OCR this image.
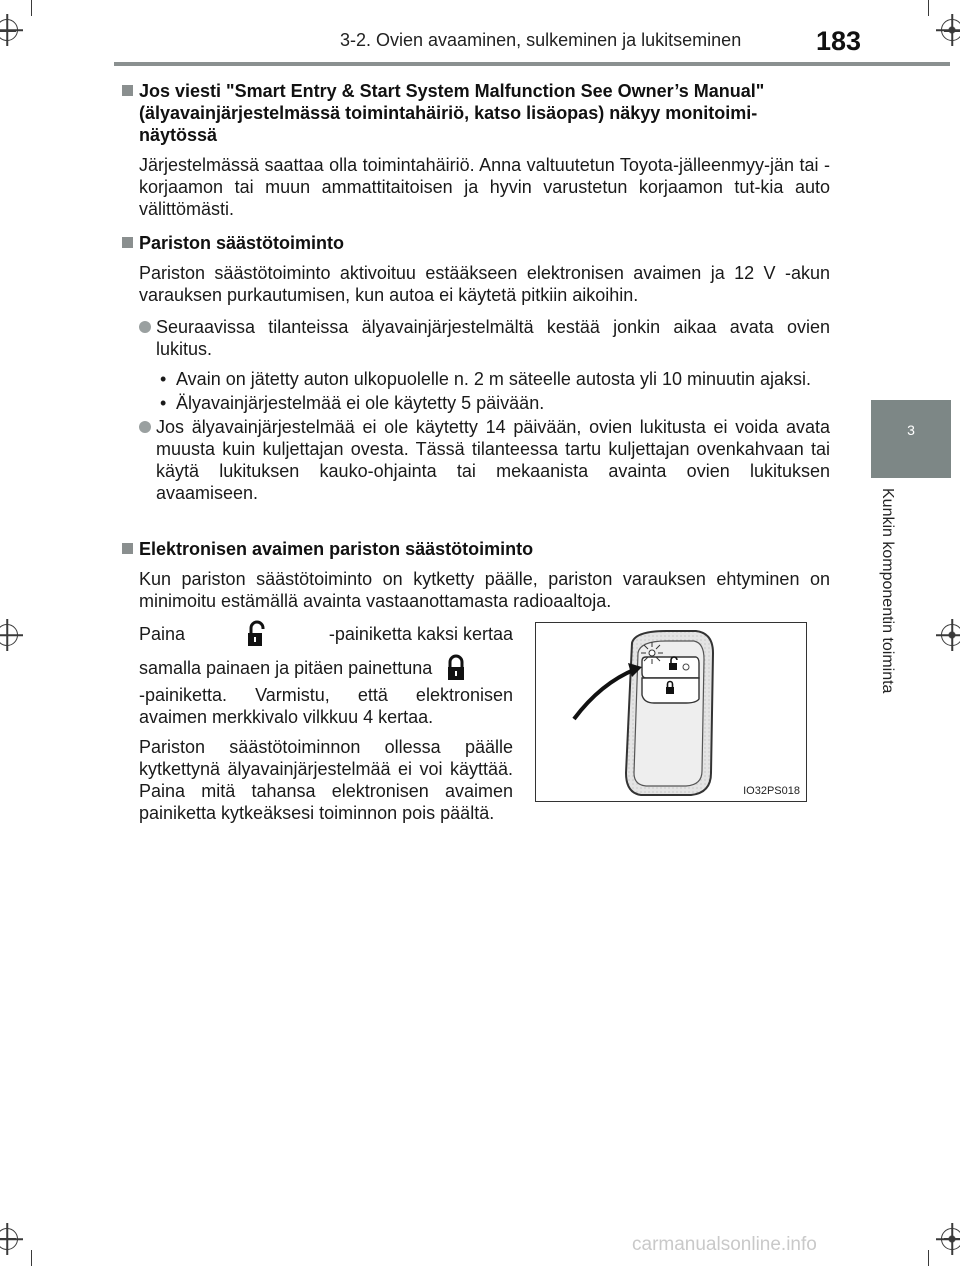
3-2. Ovien avaaminen, sulkeminen ja lukitseminen	183
3
Kunkin komponentin toiminta
Jos viesti "Smart Entry & Start System Malfunction See Owner’s Manual" (älyavainjärjestelmässä toimintahäiriö, katso lisäopas) näkyy monitoimi-näytössä
Järjestelmässä saattaa olla toimintahäiriö. Anna valtuutetun Toyota-jälleenmyy-jän tai -korjaamon tai muun ammattitaitoisen ja hyvin varustetun korjaamon tut-kia auto välittömästi.
Pariston säästötoiminto
Pariston säästötoiminto aktivoituu estääkseen elektronisen avaimen ja 12 V -akun varauksen purkautumisen, kun autoa ei käytetä pitkiin aikoihin.
Seuraavissa tilanteissa älyavainjärjestelmältä kestää jonkin aikaa avata ovien lukitus.
• Avain on jätetty auton ulkopuolelle n. 2 m säteelle autosta yli 10 minuutin ajaksi.
• Älyavainjärjestelmää ei ole käytetty 5 päivään.
Jos älyavainjärjestelmää ei ole käytetty 14 päivään, ovien lukitusta ei voida avata muusta kuin kuljettajan ovesta. Tässä tilanteessa tartu kuljettajan ovenkahvaan tai käytä lukituksen kauko-ohjainta tai mekaanista avainta ovien lukituksen avaamiseen.
Elektronisen avaimen pariston säästötoiminto
Kun pariston säästötoiminto on kytketty päälle, pariston varauksen ehtyminen on minimoitu estämällä avainta vastaanottamasta radioaaltoja.
Paina	-painiketta kaksi kertaa
samalla painaen ja pitäen painettuna
-painiketta. Varmistu, että elektronisen avaimen merkkivalo vilkkuu 4 kertaa.
Pariston säästötoiminnon ollessa päälle kytkettynä älyavainjärjestelmää ei voi käyttää. Paina mitä tahansa elektronisen avaimen painiketta kytkeäksesi toiminnon pois päältä.
IO32PS018
carmanualsonline.info
